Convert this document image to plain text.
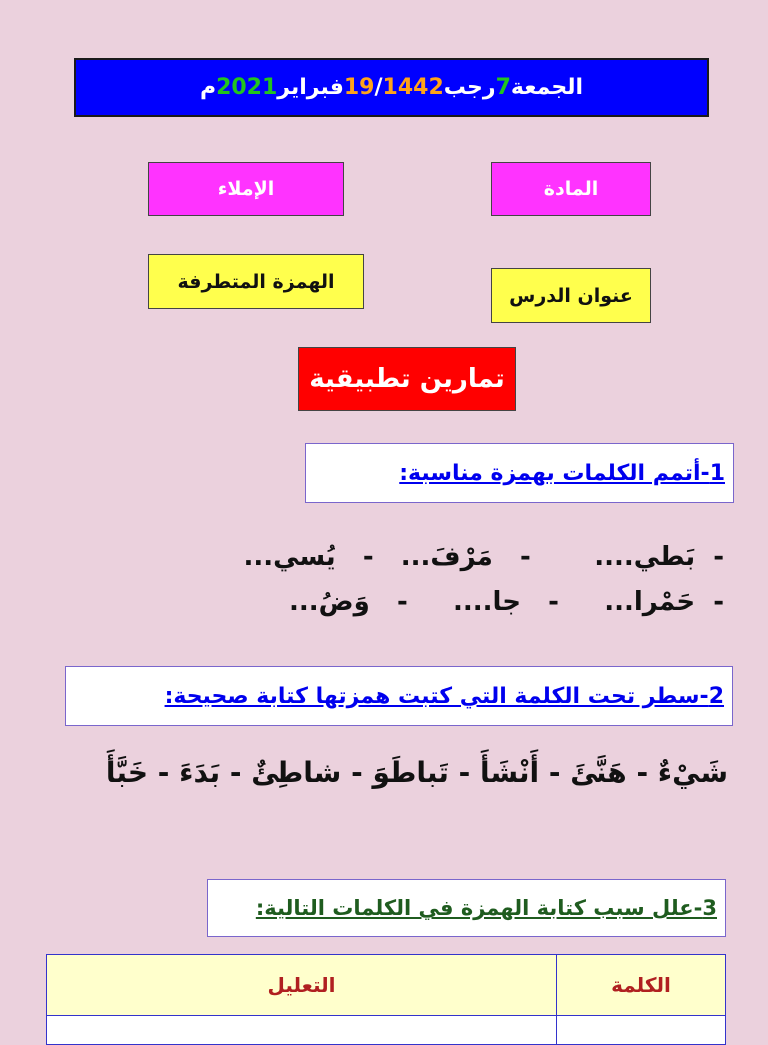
الجمعة
7
رجب
1442
/
19
فبراير
2021
م
المادة
الإملاء
عنوان الدرس
الهمزة المتطرفة
تمارين تطبيقية
1-أتمم الكلمات بهمزة مناسبة:
-  بَطي....       -   مَرْفَ...   -   يُسي...
-  حَمْرا...     -   جا....     -   وَضُ...
2-سطر تحت الكلمة التي كتبت همزتها كتابة صحيحة:
شَيْءٌ - هَنَّئَ - أَنْشَأَ - تَباطَوَ - شاطِئٌ - بَدَءَ - خَبَّأَ
3-علل سبب كتابة الهمزة في الكلمات التالية:
الكلمة	التعليل
